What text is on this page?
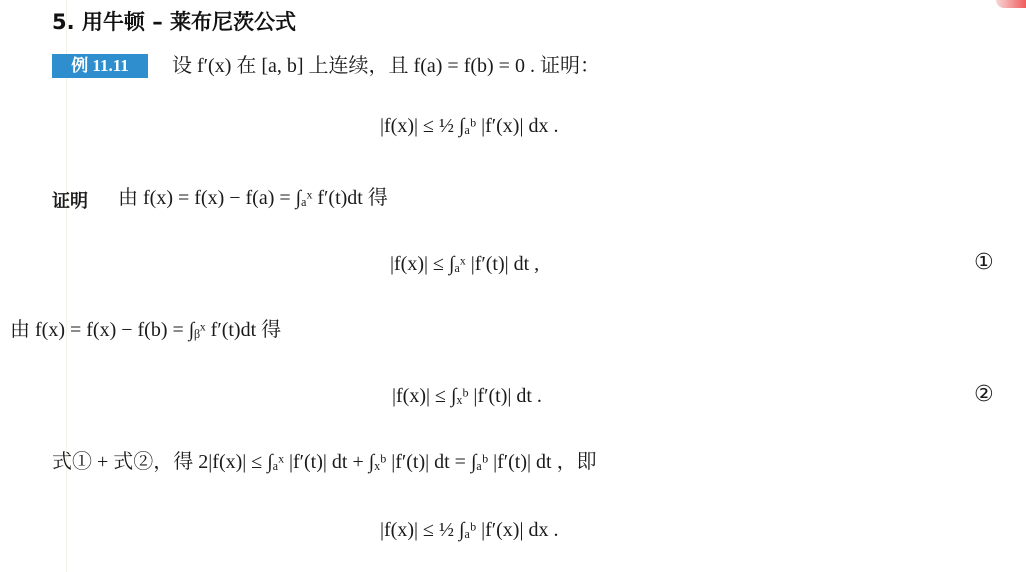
5. 用牛顿 – 莱布尼茨公式
例 11.11	设 f′(x) 在 [a, b] 上连续，且 f(a) = f(b) = 0 . 证明：
|f(x)| ≤ ½ ∫ₐᵇ |f′(x)| dx .
证明 由 f(x) = f(x) − f(a) = ∫ₐˣ f′(t)dt 得
|f(x)| ≤ ∫ₐˣ |f′(t)| dt ,	①
由 f(x) = f(x) − f(b) = ∫ᵦˣ f′(t)dt 得
|f(x)| ≤ ∫ₓᵇ |f′(t)| dt .	②
式① + 式②，得 2|f(x)| ≤ ∫ₐˣ |f′(t)| dt + ∫ₓᵇ |f′(t)| dt = ∫ₐᵇ |f′(t)| dt ，即
|f(x)| ≤ ½ ∫ₐᵇ |f′(x)| dx .
